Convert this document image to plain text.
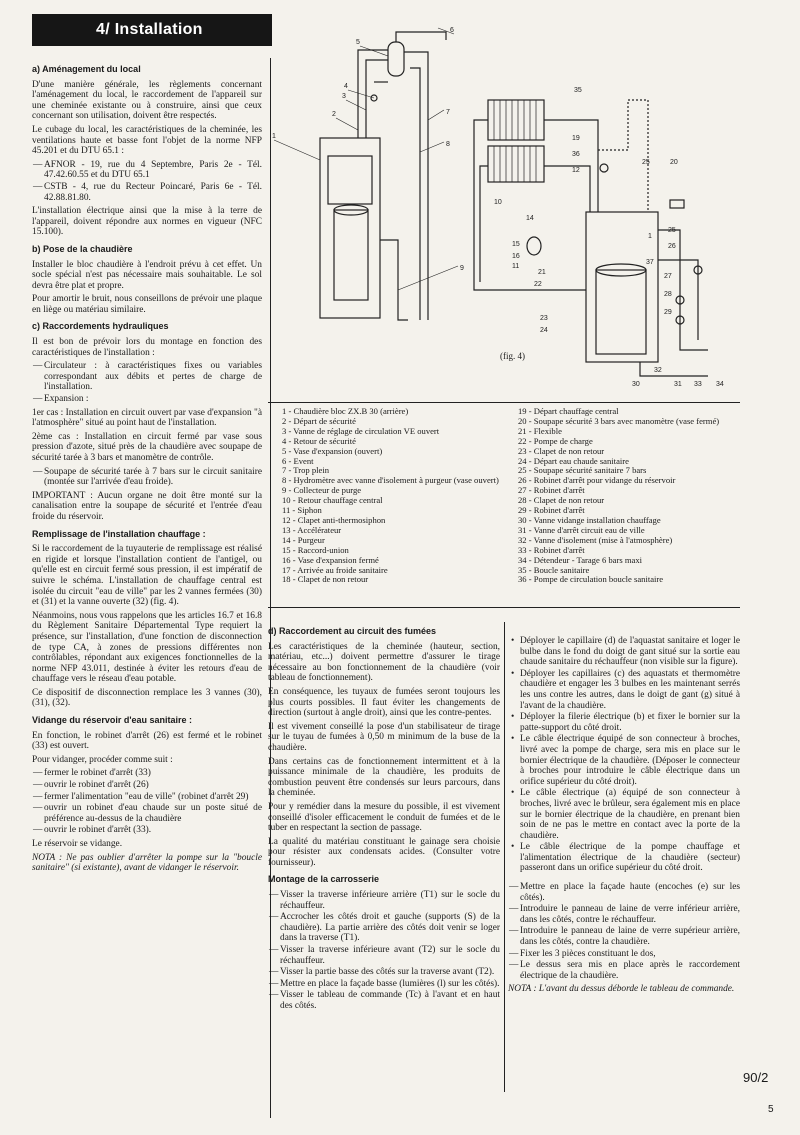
4/ Installation
a) Aménagement du local

D'une manière générale, les règlements concernant l'aménagement du local, le raccordement de l'appareil sur une cheminée existante ou à construire, ainsi que ceux concernant son utilisation, doivent être respectés.

Le cubage du local, les caractéristiques de la cheminée, les ventilations haute et basse font l'objet de la norme NFP 45.201 et du DTU 65.1 :

— AFNOR - 19, rue du 4 Septembre, Paris 2e - Tél. 47.42.60.55 et du DTU 65.1
— CSTB - 4, rue du Recteur Poincaré, Paris 6e - Tél. 42.88.81.80.

L'installation électrique ainsi que la mise à la terre de l'appareil, doivent répondre aux normes en vigueur (NFC 15.100).

b) Pose de la chaudière

Installer le bloc chaudière à l'endroit prévu à cet effet. Un socle spécial n'est pas nécessaire mais souhaitable. Le sol devra être plat et propre.

Pour amortir le bruit, nous conseillons de prévoir une plaque en liège ou matériau similaire.

c) Raccordements hydrauliques

Il est bon de prévoir lors du montage en fonction des caractéristiques de l'installation :

— Circulateur : à caractéristiques fixes ou variables correspondant aux débits et pertes de charge de l'installation.
— Expansion :

1er cas : Installation en circuit ouvert par vase d'expansion "à l'atmosphère" situé au point haut de l'installation.

2ème cas : Installation en circuit fermé par vase sous pression d'azote, situé près de la chaudière avec soupape de sécurité tarée à 3 bars et manomètre de contrôle.

— Soupape de sécurité tarée à 7 bars sur le circuit sanitaire (montée sur l'arrivée d'eau froide).

IMPORTANT : Aucun organe ne doit être monté sur la canalisation entre la soupape de sécurité et l'entrée d'eau froide du réservoir.

Remplissage de l'installation chauffage :

Si le raccordement de la tuyauterie de remplissage est réalisé en rigide et lorsque l'installation contient de l'antigel, ou qu'elle est en circuit fermé sous pression, il est impératif de suivre le schéma. L'installation de chauffage central est isolée du circuit "eau de ville" par les 2 vannes fermées (30) et (31) et la vanne ouverte (32) (fig. 4).

Néanmoins, nous vous rappelons que les articles 16.7 et 16.8 du Règlement Sanitaire Départemental Type requiert la présence, sur l'installation, d'une fonction de disconnection de type CA, à zones de pressions différentes non contrôlables, répondant aux exigences fonctionnelles de la norme NFP 43.011, destinée à éviter les retours d'eau de chauffage vers le réseau d'eau potable.

Ce dispositif de disconnection remplace les 3 vannes (30), (31), (32).

Vidange du réservoir d'eau sanitaire :

En fonction, le robinet d'arrêt (26) est fermé et le robinet (33) est ouvert.

Pour vidanger, procéder comme suit :

— fermer le robinet d'arrêt (33)
— ouvrir le robinet d'arrêt (26)
— fermer l'alimentation "eau de ville" (robinet d'arrêt 29)
— ouvrir un robinet d'eau chaude sur un poste situé de préférence au-dessus de la chaudière
— ouvrir le robinet d'arrêt (33).

Le réservoir se vidange.

NOTA : Ne pas oublier d'arrêter la pompe sur la "boucle sanitaire" (si existante), avant de vidanger le réservoir.

1
2
3
4
5
6
7
8
9
35
19
36
12
25	20
10
14
15
16
11
21
22
23
24
25
26
37
27
28
29
30	31
32
33 34
1
(fig. 4)
1 - Chaudière bloc ZX.B 30 (arrière)
2 - Départ de sécurité
3 - Vanne de réglage de circulation VE ouvert
4 - Retour de sécurité
5 - Vase d'expansion (ouvert)
6 - Event
7 - Trop plein
8 - Hydromètre avec vanne d'isolement à purgeur (vase ouvert)
9 - Collecteur de purge
10 - Retour chauffage central
11 - Siphon
12 - Clapet anti-thermosiphon
13 - Accélérateur
14 - Purgeur
15 - Raccord-union
16 - Vase d'expansion fermé
17 - Arrivée au froide sanitaire
18 - Clapet de non retour
19 - Départ chauffage central
20 - Soupape sécurité 3 bars avec manomètre (vase fermé)
21 - Flexible
22 - Pompe de charge
23 - Clapet de non retour
24 - Départ eau chaude sanitaire
25 - Soupape sécurité sanitaire 7 bars
26 - Robinet d'arrêt pour vidange du réservoir
27 - Robinet d'arrêt
28 - Clapet de non retour
29 - Robinet d'arrêt
30 - Vanne vidange installation chauffage
31 - Vanne d'arrêt circuit eau de ville
32 - Vanne d'isolement (mise à l'atmosphère)
33 - Robinet d'arrêt
34 - Détendeur - Tarage 6 bars maxi
35 - Boucle sanitaire
36 - Pompe de circulation boucle sanitaire
d) Raccordement au circuit des fumées

Les caractéristiques de la cheminée (hauteur, section, matériau, etc...) doivent permettre d'assurer le tirage nécessaire au bon fonctionnement de la chaudière (voir tableau de fonctionnement).

En conséquence, les tuyaux de fumées seront toujours les plus courts possibles. Il faut éviter les changements de direction (surtout à angle droit), ainsi que les contre-pentes.

Il est vivement conseillé la pose d'un stabilisateur de tirage sur le tuyau de fumées à 0,50 m minimum de la buse de la chaudière.

Dans certains cas de fonctionnement intermittent et à la puissance minimale de la chaudière, les produits de combustion peuvent être condensés sur leurs parcours, dans la cheminée.

Pour y remédier dans la mesure du possible, il est vivement conseillé d'isoler efficacement le conduit de fumées et de le tuber en respectant la section de passage.

La qualité du matériau constituant le gainage sera choisie pour résister aux condensats acides. (Consulter votre fournisseur).

Montage de la carrosserie
— Visser la traverse inférieure arrière (T1) sur le socle du réchauffeur.
— Accrocher les côtés droit et gauche (supports (S) de la chaudière). La partie arrière des côtés doit venir se loger dans la traverse (T1).
— Visser la traverse inférieure avant (T2) sur le socle du réchauffeur.
— Visser la partie basse des côtés sur la traverse avant (T2).
— Mettre en place la façade basse (lumières (l) sur les côtés).
— Visser le tableau de commande (Tc) à l'avant et en haut des côtés.
• Déployer le capillaire (d) de l'aquastat sanitaire et loger le bulbe dans le fond du doigt de gant situé sur la sortie eau chaude sanitaire du réchauffeur (non visible sur la figure).
• Déployer les capillaires (c) des aquastats et thermomètre chaudière et engager les 3 bulbes en les maintenant serrés les uns contre les autres, dans le doigt de gant (g) situé à l'avant de la chaudière.
• Déployer la filerie électrique (b) et fixer le bornier sur la patte-support du côté droit.
• Le câble électrique équipé de son connecteur à broches, livré avec la pompe de charge, sera mis en place sur le bornier électrique de la chaudière. (Déposer le connecteur à broches pour introduire le câble électrique dans un orifice supérieur du côté droit).
• Le câble électrique (a) équipé de son connecteur à broches, livré avec le brûleur, sera également mis en place sur le bornier électrique de la chaudière, en prenant bien soin de ne pas le mettre en contact avec la porte de la chaudière.
• Le câble électrique de la pompe chauffage et l'alimentation électrique de la chaudière (secteur) passeront dans un orifice supérieur du côté droit.
— Mettre en place la façade haute (encoches (e) sur les côtés).
— Introduire le panneau de laine de verre inférieur arrière, dans les côtés, contre le réchauffeur.
— Introduire le panneau de laine de verre supérieur arrière, dans les côtés, contre la chaudière.
— Fixer les 3 pièces constituant le dos,
— Le dessus sera mis en place après le raccordement électrique de la chaudière.

NOTA : L'avant du dessus déborde le tableau de commande.

90/2
5
